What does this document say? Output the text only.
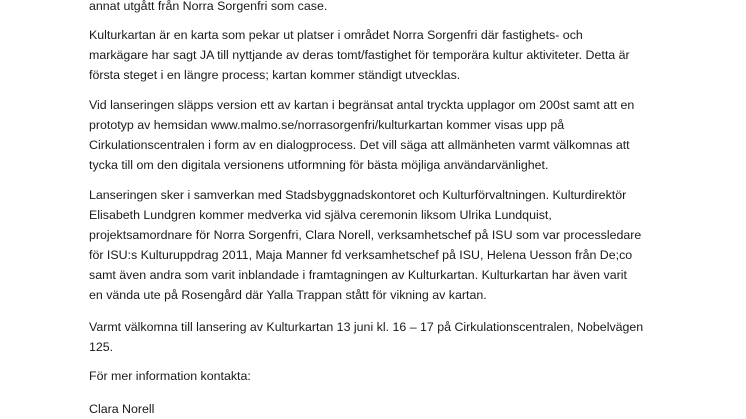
annat utgått från Norra Sorgenfri som case.

Kulturkartan är en karta som pekar ut platser i området Norra Sorgenfri där fastighets- och
markägare har sagt JA till nyttjande av deras tomt/fastighet för temporära kultur aktiviteter. Detta är
första steget i en längre process; kartan kommer ständigt utvecklas.

Vid lanseringen släpps version ett av kartan i begränsat antal tryckta upplagor om 200st samt att en
prototyp av hemsidan www.malmo.se/norrasorgenfri/kulturkartan kommer visas upp på
Cirkulationscentralen i form av en dialogprocess. Det vill säga att allmänheten varmt välkomnas att
tycka till om den digitala versionens utformning för bästa möjliga användarvänlighet.

Lanseringen sker i samverkan med Stadsbyggnadskontoret och Kulturförvaltningen. Kulturdirektör
Elisabeth Lundgren kommer medverka vid själva ceremonin liksom Ulrika Lundquist,
projektsamordnare för Norra Sorgenfri, Clara Norell, verksamhetschef på ISU som var processledare
för ISU:s Kulturuppdrag 2011, Maja Manner fd verksamhetschef på ISU, Helena Uesson från De;co
samt även andra som varit inblandade i framtagningen av Kulturkartan. Kulturkartan har även varit
en vända ute på Rosengård där Yalla Trappan stått för vikning av kartan.

Varmt välkomna till lansering av Kulturkartan 13 juni kl. 16 – 17 på Cirkulationscentralen, Nobelvägen
125.

För mer information kontakta:

Clara Norell
